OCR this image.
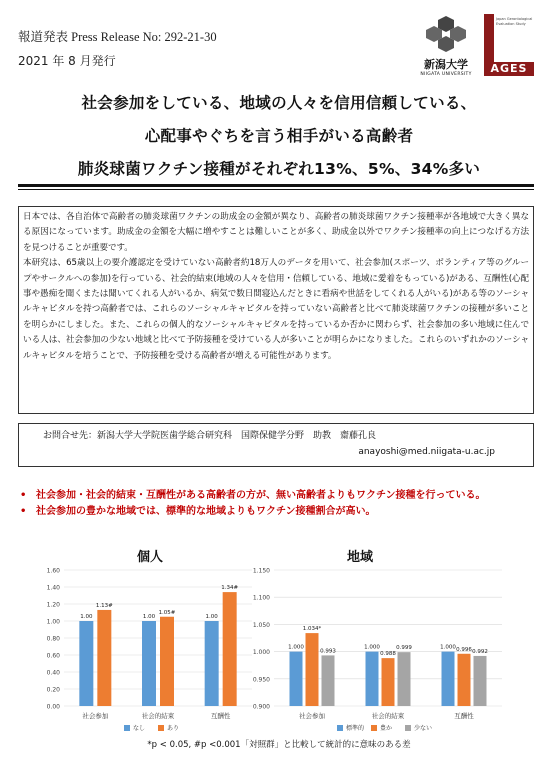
報道発表 Press Release No: 292-21-30
2021 年 8 月発行	新潟大学
NIIGATA UNIVERSITY
Japan Gerontological Evaluation Study
AGES
社会参加をしている、地域の人々を信用信頼している、
心配事やぐちを言う相手がいる高齢者
肺炎球菌ワクチン接種がそれぞれ13%、5%、34%多い

日本では、各自治体で高齢者の肺炎球菌ワクチンの助成金の金額が異なり、高齢者の肺炎球菌ワクチン接種率が各地域で大きく異なる原因になっています。助成金の金額を大幅に増やすことは難しいことが多く、助成金以外でワクチン接種率の向上につなげる方法を見つけることが重要です。

本研究は、65歳以上の要介護認定を受けていない高齢者約18万人のデータを用いて、社会参加(スポーツ、ボランティア等のグループやサークルへの参加)を行っている、社会的結束(地域の人々を信用・信頼している、地域に愛着をもっている)がある、互酬性(心配事や愚痴を聞くまたは聞いてくれる人がいるか、病気で数日間寝込んだときに看病や世話をしてくれる人がいる)がある等のソーシャルキャピタルを持つ高齢者では、これらのソーシャルキャピタルを持っていない高齢者と比べて肺炎球菌ワクチンの接種が多いことを明らかにしました。また、これらの個人的なソーシャルキャピタルを持っているか否かに関わらず、社会参加の多い地域に住んでいる人は、社会参加の少ない地域と比べて予防接種を受けている人が多いことが明らかになりました。これらのいずれかのソーシャルキャピタルを培うことで、予防接種を受ける高齢者が増える可能性があります。

お問合せ先：新潟大学大学院医歯学総合研究科　国際保健学分野　助教　齋藤孔良
anayoshi@med.niigata-u.ac.jp
• 社会参加・社会的結束・互酬性がある高齢者の方が、無い高齢者よりもワクチン接種を行っている。
• 社会参加の豊かな地域では、標準的な地域よりもワクチン接種割合が高い。
個人
0.00
0.20
0.40
0.60
0.80
1.00
1.20
1.40
1.60
1.00
1.13#
社会参加
1.00
1.05#
社会的結束
1.00
1.34#
互酬性
なし	あり
地域
0.900
0.950
1.000
1.050
1.100
1.150
1.000
1.034*
0.993
社会参加
1.000
0.988
0.999
社会的結束
1.000 0.996 0.992
互酬性
標準的	豊か	少ない
*p < 0.05, #p <0.001「対照群」と比較して統計的に意味のある差
